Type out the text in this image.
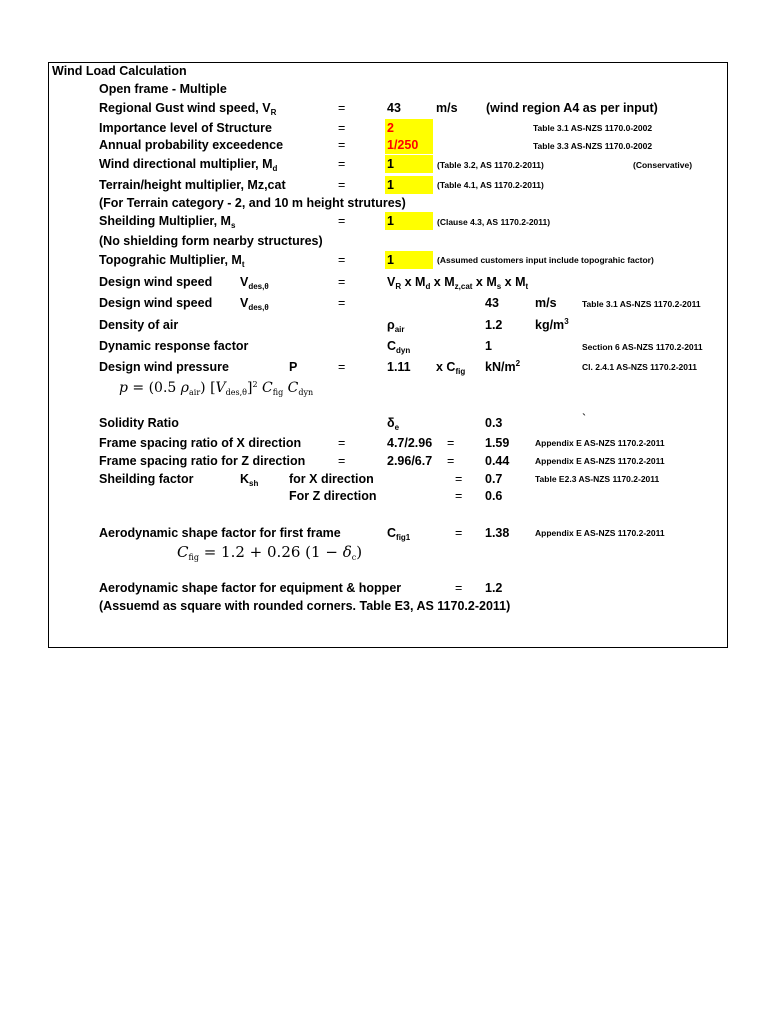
Wind Load Calculation
Open frame - Multiple
Regional Gust wind speed, $V_R$	=	43	m/s (wind region A4 as per input)
Importance level of Structure	=	2	Table 3.1 AS-NZS 1170.0-2002
Annual probability exceedence	=	1/250	Table 3.3 AS-NZS 1170.0-2002
Wind directional multiplier, $M_d$	=	1	(Table 3.2, AS 1170.2-2011)	(Conservative)
Terrain/height multiplier, Mz,cat	=	1	(Table 4.1, AS 1170.2-2011)
(For Terrain category - 2, and 10 m height strutures)
Sheilding Multiplier, $M_s$	=	1	(Clause 4.3, AS 1170.2-2011)
(No shielding form nearby structures)
Topograhic Multiplier, $M_t$	=	1	(Assumed customers input include topograhic factor)
Design wind speed $V_{des,\theta}$	=	$V_R$ x $M_d$ x $M_{z,cat}$ x $M_s$ x $M_t$
Design wind speed $V_{des,\theta}$	=	43	m/s	Table 3.1 AS-NZS 1170.2-2011
Density of air	$\rho_{air}$	1.2	$kg/m^3$
Dynamic response factor	$C_{dyn}$	1	Section 6 AS-NZS 1170.2-2011
Design wind pressure	P	=	1.11 x $C_{fig}$ $kN/m^2$	Cl. 2.4.1 AS-NZS 1170.2-2011
p = (0.5 $\rho_{air}$) $[V_{des,\theta}]^2$ $C_{fig}$ $C_{dyn}$
Solidity Ratio	$\delta_e$	0.3	`
Frame spacing ratio of X direction	=	4.7/2.96 = 1.59	Appendix E AS-NZS 1170.2-2011
Frame spacing ratio for Z direction	=	2.96/6.7 = 0.44	Appendix E AS-NZS 1170.2-2011
Sheilding factor	$K_{sh}$ for X direction	= 0.7	Table E2.3 AS-NZS 1170.2-2011
For Z direction	= 0.6
Aerodynamic shape factor for first frame	$C_{fig1}$	= 1.38	Appendix E AS-NZS 1170.2-2011
$C_{fig} = 1.2 + 0.26$ $(1 - \delta_c)$
Aerodynamic shape factor for equipment & hopper	= 1.2
(Assuemd as square with rounded corners. Table E3, AS 1170.2-2011)
